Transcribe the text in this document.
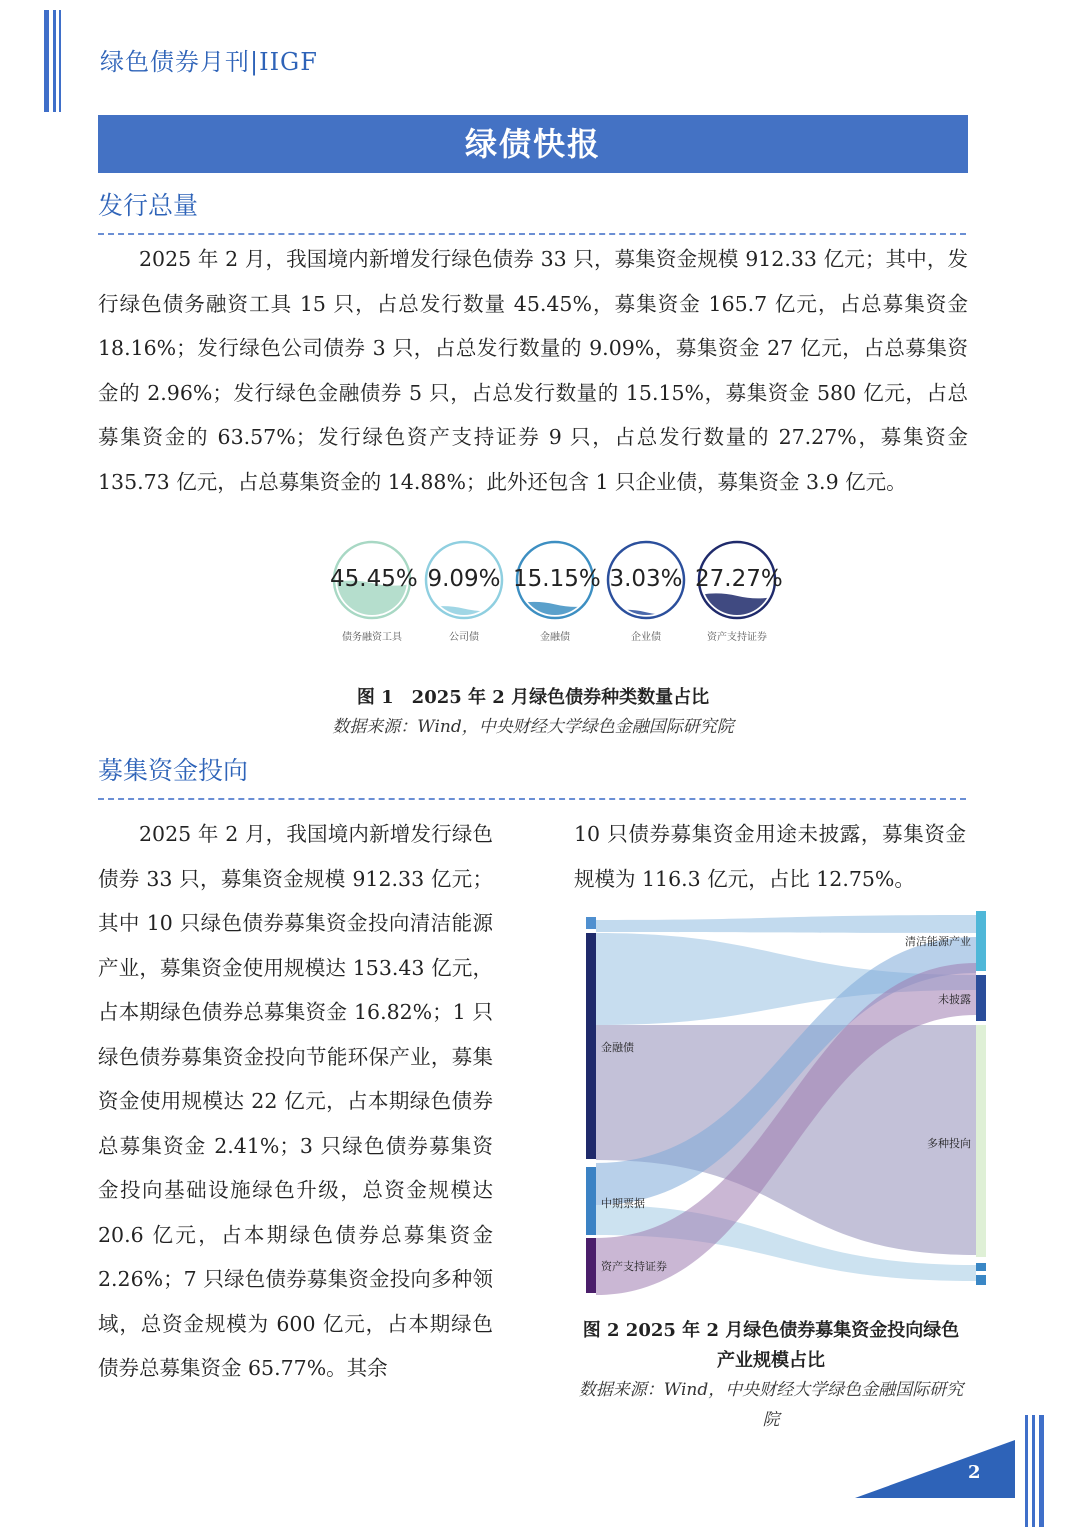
绿色债券月刊|IIGF
绿债快报
发行总量
2025 年 2 月，我国境内新增发行绿色债券 33 只，募集资金规模 912.33 亿元；其中，发行绿色债务融资工具 15 只，占总发行数量 45.45%，募集资金 165.7 亿元，占总募集资金 18.16%；发行绿色公司债券 3 只，占总发行数量的 9.09%，募集资金 27 亿元，占总募集资金的 2.96%；发行绿色金融债券 5 只，占总发行数量的 15.15%，募集资金 580 亿元，占总募集资金的 63.57%；发行绿色资产支持证券 9 只，占总发行数量的 27.27%，募集资金 135.73 亿元，占总募集资金的 14.88%；此外还包含 1 只企业债，募集资金 3.9 亿元。
45.45%
债务融资工具
9.09%
公司债
15.15%
金融债
3.03%
企业债
27.27%
资产支持证券
图 1　2025 年 2 月绿色债券种类数量占比
数据来源：Wind，中央财经大学绿色金融国际研究院
募集资金投向
2025 年 2 月，我国境内新增发行绿色债券 33 只，募集资金规模 912.33 亿元；其中 10 只绿色债券募集资金投向清洁能源产业，募集资金使用规模达 153.43 亿元，占本期绿色债券总募集资金 16.82%；1 只绿色债券募集资金投向节能环保产业，募集资金使用规模达 22 亿元，占本期绿色债券总募集资金 2.41%；3 只绿色债券募集资金投向基础设施绿色升级，总资金规模达 20.6 亿元，占本期绿色债券总募集资金 2.26%；7 只绿色债券募集资金投向多种领域，总资金规模为 600 亿元，占本期绿色债券总募集资金 65.77%。其余
10 只债券募集资金用途未披露，募集资金规模为 116.3 亿元，占比 12.75%。
金融债
中期票据
资产支持证券
清洁能源产业
未披露
多种投向
图 2 2025 年 2 月绿色债券募集资金投向绿色产业规模占比
数据来源：Wind，中央财经大学绿色金融国际研究院
2
